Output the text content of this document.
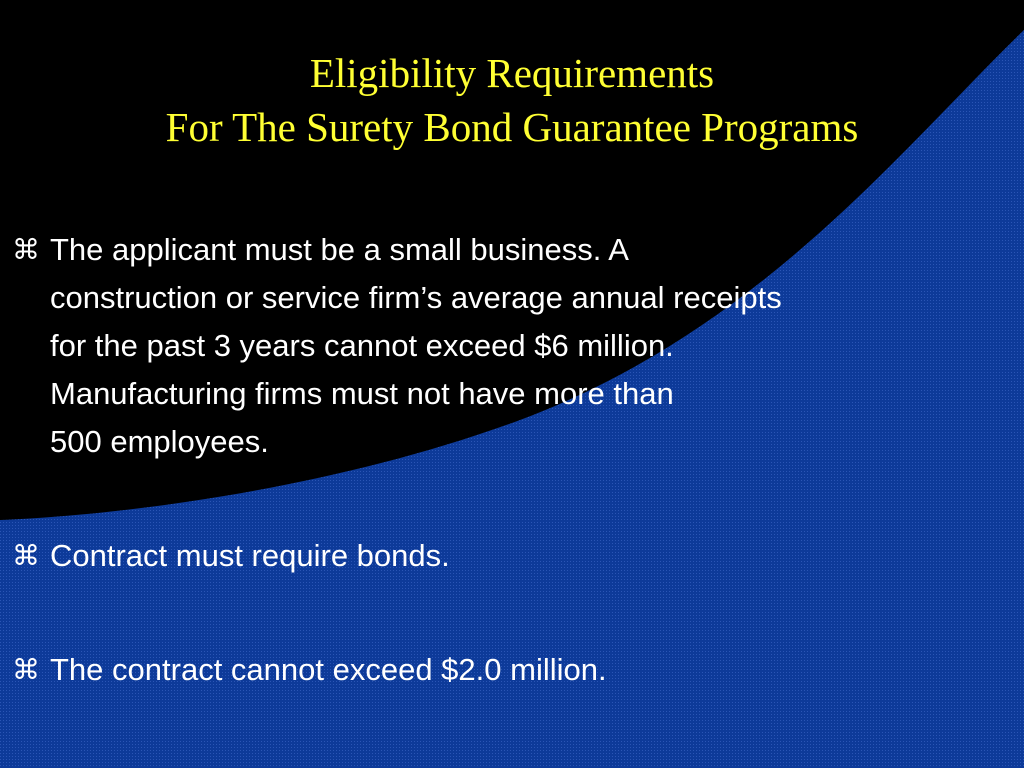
Eligibility Requirements
For The Surety Bond Guarantee Programs
⌘ The applicant must be a small business. A
construction or service firm’s average annual receipts
for the past 3 years cannot exceed $6 million.
Manufacturing firms must not have more than
500 employees.
⌘ Contract must require bonds.
⌘ The contract cannot exceed $2.0 million.
